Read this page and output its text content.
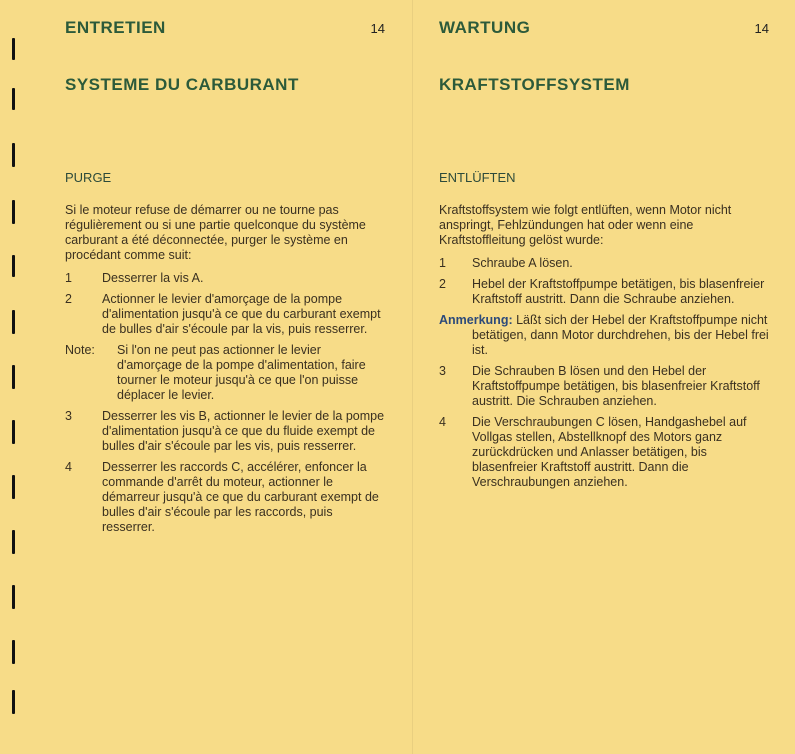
ENTRETIEN	14
SYSTEME DU CARBURANT
PURGE

Si le moteur refuse de démarrer ou ne tourne pas régulièrement ou si une partie quelconque du système carburant a été déconnectée, purger le système en procédant comme suit:

1 Desserrer la vis A.
2 Actionner le levier d'amorçage de la pompe d'alimentation jusqu'à ce que du carburant exempt de bulles d'air s'écoule par la vis, puis resserrer.
Note: Si l'on ne peut pas actionner le levier d'amorçage de la pompe d'alimentation, faire tourner le moteur jusqu'à ce que l'on puisse déplacer le levier.
3 Desserrer les vis B, actionner le levier de la pompe d'alimentation jusqu'à ce que du fluide exempt de bulles d'air s'écoule par les vis, puis resserrer.
4 Desserrer les raccords C, accélérer, enfoncer la commande d'arrêt du moteur, actionner le démarreur jusqu'à ce que du carburant exempt de bulles d'air s'écoule par les raccords, puis resserrer.
WARTUNG	14
KRAFTSTOFFSYSTEM
ENTLÜFTEN

Kraftstoffsystem wie folgt entlüften, wenn Motor nicht anspringt, Fehlzündungen hat oder wenn eine Kraftstoffleitung gelöst wurde:

1 Schraube A lösen.
2 Hebel der Kraftstoffpumpe betätigen, bis blasenfreier Kraftstoff austritt. Dann die Schraube anziehen.
Anmerkung: Läßt sich der Hebel der Kraftstoffpumpe nicht betätigen, dann Motor durchdrehen, bis der Hebel frei ist.
3 Die Schrauben B lösen und den Hebel der Kraftstoffpumpe betätigen, bis blasenfreier Kraftstoff austritt. Die Schrauben anziehen.
4 Die Verschraubungen C lösen, Handgashebel auf Vollgas stellen, Abstellknopf des Motors ganz zurückdrücken und Anlasser betätigen, bis blasenfreier Kraftstoff austritt. Dann die Verschraubungen anziehen.
